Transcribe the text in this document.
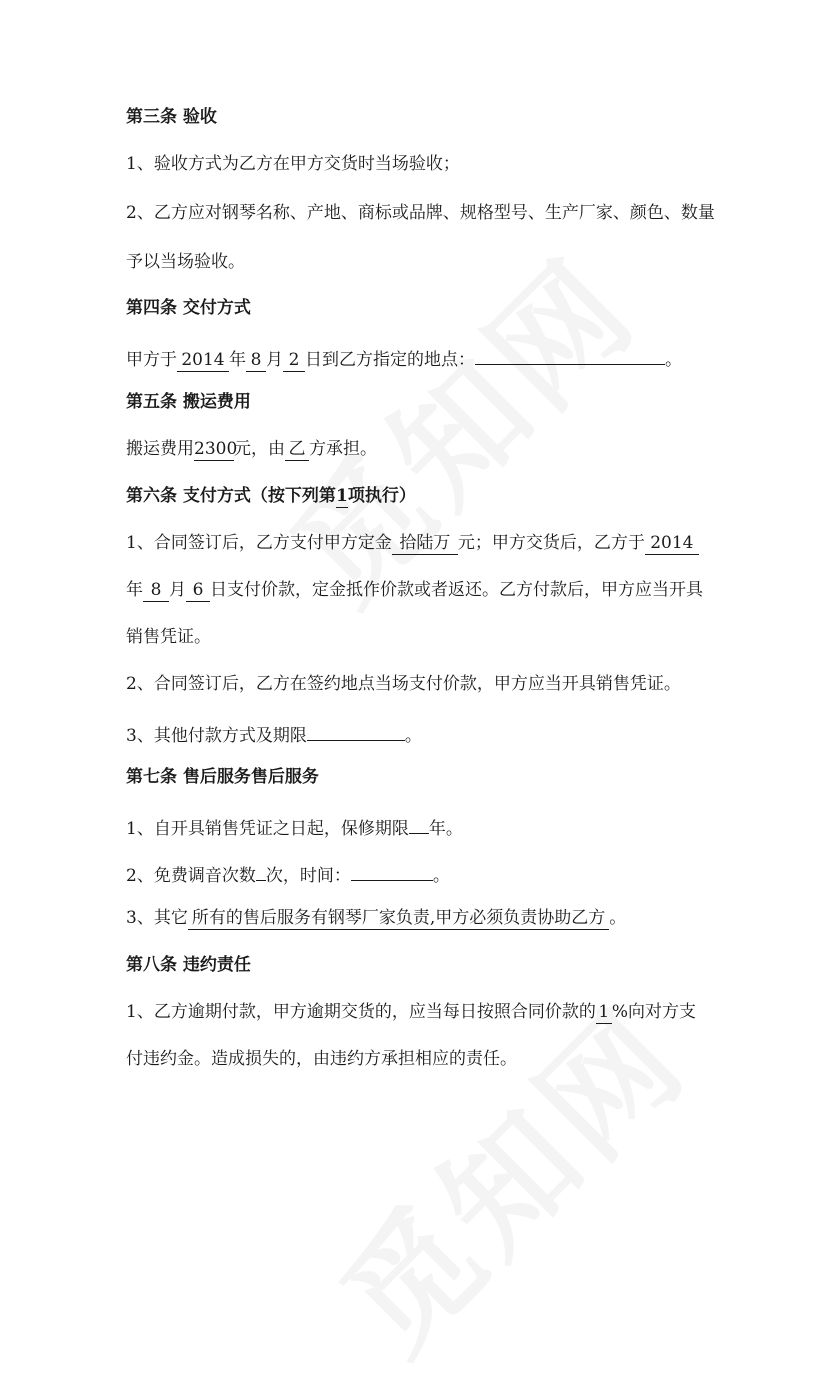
第三条 验收

1、验收方式为乙方在甲方交货时当场验收；

2、乙方应对钢琴名称、产地、商标或品牌、规格型号、生产厂家、颜色、数量

予以当场验收。

第四条 交付方式

甲方于 2014 年 8 月 2 日到乙方指定的地点：	。

第五条 搬运费用

搬运费用2300元，由 乙 方承担。

第六条 支付方式（按下列第1项执行）

1、合同签订后，乙方支付甲方定金 拾陆万 元；甲方交货后，乙方于 2014

年 8 月 6 日支付价款，定金抵作价款或者返还。乙方付款后，甲方应当开具

销售凭证。

2、合同签订后，乙方在签约地点当场支付价款，甲方应当开具销售凭证。

3、其他付款方式及期限	。

第七条 售后服务售后服务

1、自开具销售凭证之日起，保修期限 年。

2、免费调音次数 次，时间：	。

3、其它 所有的售后服务有钢琴厂家负责,甲方必须负责协助乙方 。

第八条 违约责任

1、乙方逾期付款，甲方逾期交货的，应当每日按照合同价款的 1 %向对方支

付违约金。造成损失的，由违约方承担相应的责任。
